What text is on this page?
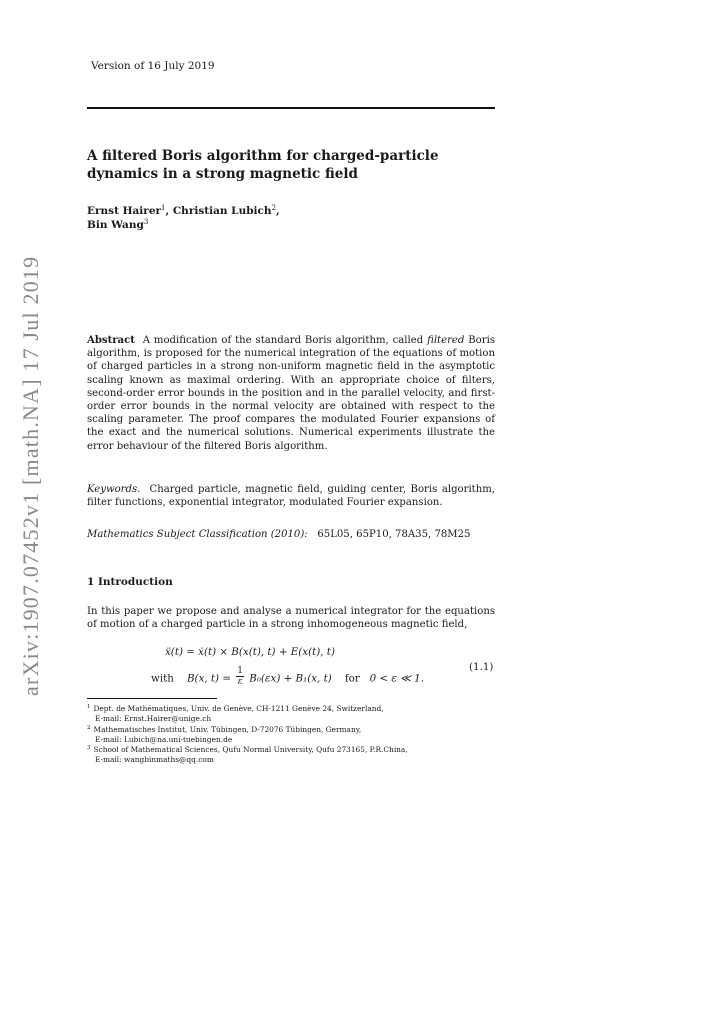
arXiv:1907.07452v1 [math.NA] 17 Jul 2019
Version of 16 July 2019
A filtered Boris algorithm for charged-particle dynamics in a strong magnetic field
Ernst Hairer$^1$, Christian Lubich$^2$,
Bin Wang$^3$
Abstract A modification of the standard Boris algorithm, called filtered Boris algorithm, is proposed for the numerical integration of the equations of motion of charged particles in a strong non-uniform magnetic field in the asymptotic scaling known as maximal ordering. With an appropriate choice of filters, second-order error bounds in the position and in the parallel velocity, and first-order error bounds in the normal velocity are obtained with respect to the scaling parameter. The proof compares the modulated Fourier expansions of the exact and the numerical solutions. Numerical experiments illustrate the error behaviour of the filtered Boris algorithm.
Keywords. Charged particle, magnetic field, guiding center, Boris algorithm, filter functions, exponential integrator, modulated Fourier expansion.
Mathematics Subject Classification (2010): 65L05, 65P10, 78A35, 78M25
1 Introduction
In this paper we propose and analyse a numerical integrator for the equations of motion of a charged particle in a strong inhomogeneous magnetic field,
ẍ(t) = ẋ(t) × B(x(t), t) + E(x(t), t)
with B(x, $t) = \frac{1}{\varepsilon} B_0(\varepsilon x) + B_1(x$, t) for 0 < ε ≪ 1.
(1.1)

$^1$ Dept. de Mathématiques, Univ. de Genève, CH-1211 Genève 24, Switzerland,
E-mail: Ernst.Hairer@unige.ch

$^2$ Mathematisches Institut, Univ. Tübingen, D-72076 Tübingen, Germany,
E-mail: Lubich@na.uni-tuebingen.de

$^3$ School of Mathematical Sciences, Qufu Normal University, Qufu 273165, P.R.China,
E-mail: wangbinmaths@qq.com
